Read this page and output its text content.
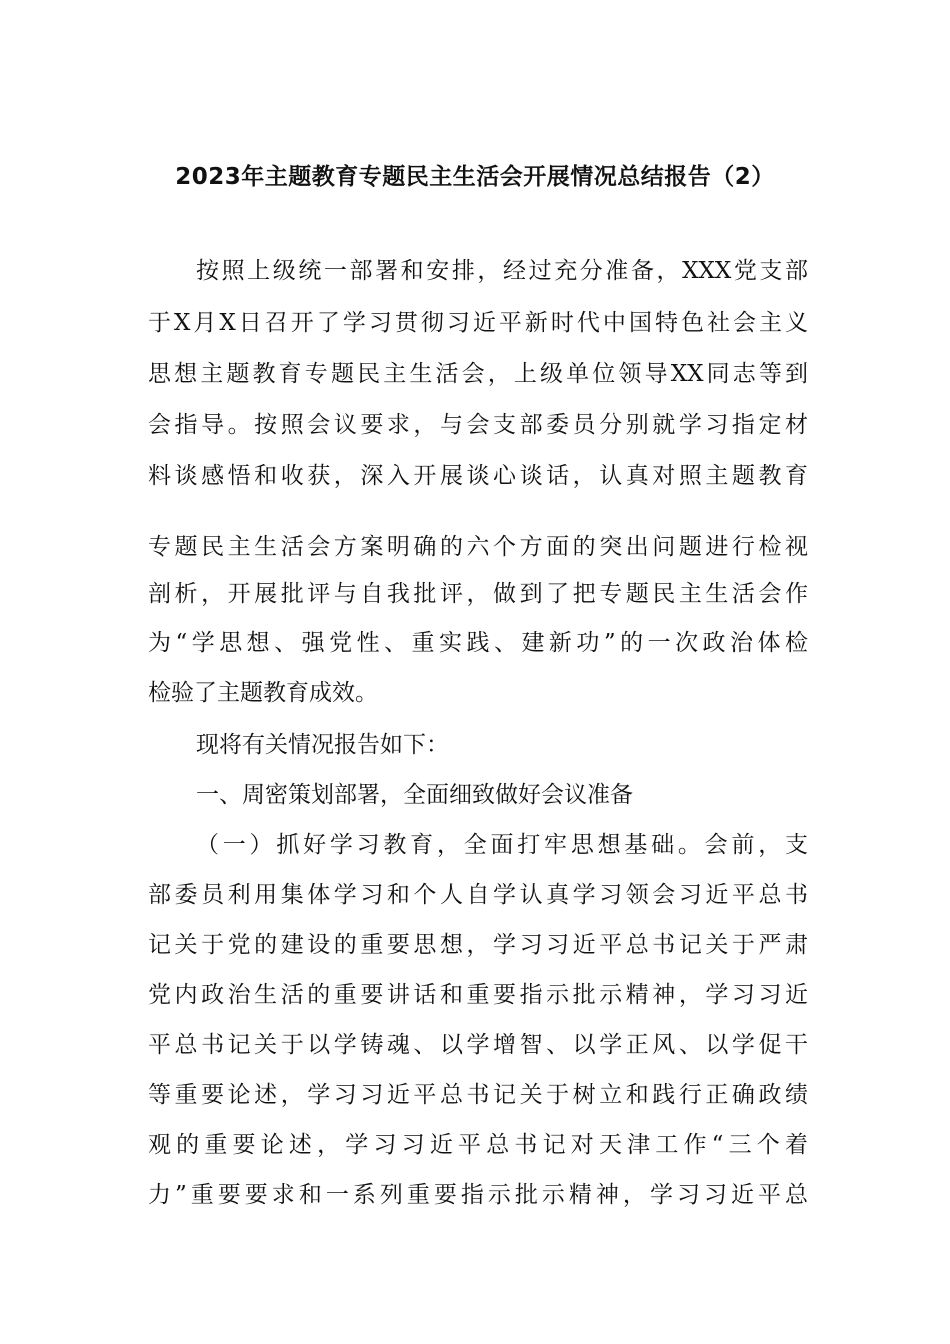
2023年主题教育专题民主生活会开展情况总结报告（2）
按照上级统一部署和安排，经过充分准备，XXX党支部
于X月X日召开了学习贯彻习近平新时代中国特色社会主义
思想主题教育专题民主生活会，上级单位领导XX同志等到
会指导。按照会议要求，与会支部委员分别就学习指定材
料谈感悟和收获，深入开展谈心谈话，认真对照主题教育
专题民主生活会方案明确的六个方面的突出问题进行检视
剖析，开展批评与自我批评，做到了把专题民主生活会作
为“学思想、强党性、重实践、建新功”的一次政治体检
检验了主题教育成效。
现将有关情况报告如下：
一、周密策划部署，全面细致做好会议准备
（一）抓好学习教育，全面打牢思想基础。会前，支
部委员利用集体学习和个人自学认真学习领会习近平总书
记关于党的建设的重要思想，学习习近平总书记关于严肃
党内政治生活的重要讲话和重要指示批示精神，学习习近
平总书记关于以学铸魂、以学增智、以学正风、以学促干
等重要论述，学习习近平总书记关于树立和践行正确政绩
观的重要论述，学习习近平总书记对天津工作“三个着
力”重要要求和一系列重要指示批示精神，学习习近平总
